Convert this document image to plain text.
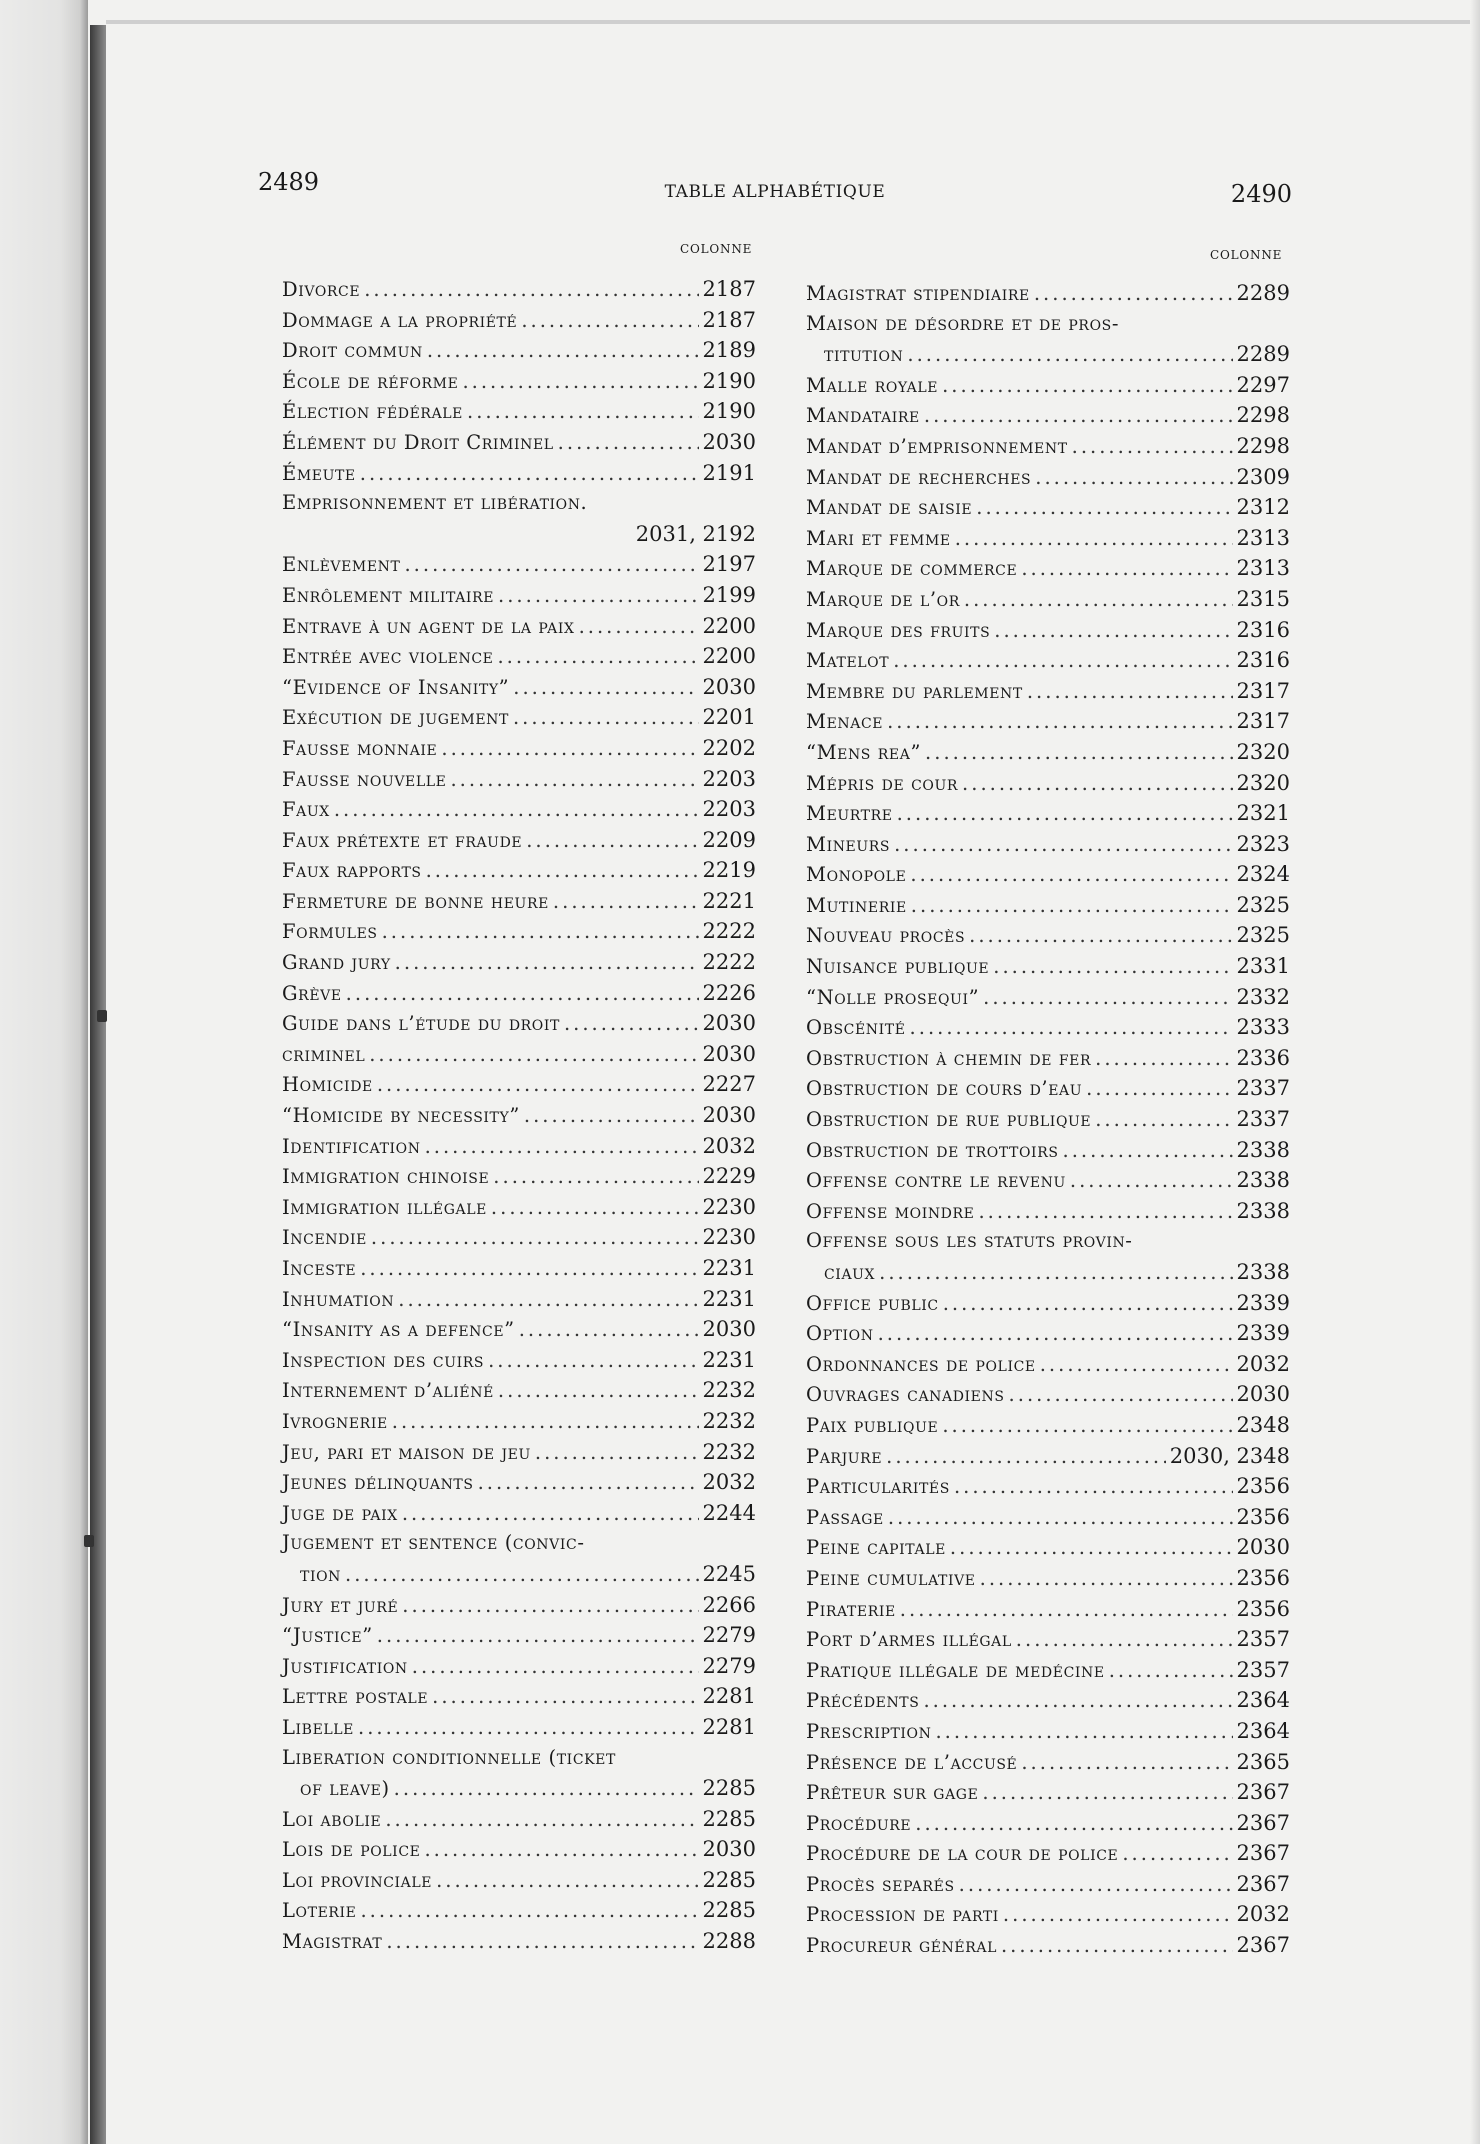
2489	TABLE ALPHABÉTIQUE	2490
COLONNE	COLONNE
Divorce .....	2187
Dommage a la propriété .....	2187
Droit commun .....	2189
École de réforme .....	2190
Élection fédérale .....	2190
Élément du Droit Criminel .....	2030
Émeute .....	2191
Emprisonnement et libération.
2031, 2192
Enlèvement .....	2197
Enrôlement militaire .....	2199
Entrave à un agent de la paix .....	2200
Entrée avec violence .....	2200
“Evidence of Insanity” .....	2030
Exécution de jugement .....	2201
Fausse monnaie .....	2202
Fausse nouvelle .....	2203
Faux .....	2203
Faux prétexte et fraude .....	2209
Faux rapports .....	2219
Fermeture de bonne heure .....	2221
Formules .....	2222
Grand jury .....	2222
Grève .....	2226
Guide dans l’étude du droit .....	2030
criminel .....	2030
Homicide .....	2227
“Homicide by necessity” .....	2030
Identification .....	2032
Immigration chinoise .....	2229
Immigration illégale .....	2230
Incendie .....	2230
Inceste .....	2231
Inhumation .....	2231
“Insanity as a defence” .....	2030
Inspection des cuirs .....	2231
Internement d’aliéné .....	2232
Ivrognerie .....	2232
Jeu, pari et maison de jeu .....	2232
Jeunes délinquants .....	2032
Juge de paix .....	2244
Jugement et sentence (convic-
tion .....	2245
Jury et juré .....	2266
“Justice” .....	2279
Justification .....	2279
Lettre postale .....	2281
Libelle .....	2281
Liberation conditionnelle (ticket
of leave) .....	2285
Loi abolie .....	2285
Lois de police .....	2030
Loi provinciale .....	2285
Loterie .....	2285
Magistrat .....	2288
Magistrat stipendiaire .....	2289
Maison de désordre et de pros-
titution .....	2289
Malle royale .....	2297
Mandataire .....	2298
Mandat d’emprisonnement .....	2298
Mandat de recherches .....	2309
Mandat de saisie .....	2312
Mari et femme .....	2313
Marque de commerce .....	2313
Marque de l’or .....	2315
Marque des fruits .....	2316
Matelot .....	2316
Membre du parlement .....	2317
Menace .....	2317
“Mens rea” .....	2320
Mépris de cour .....	2320
Meurtre .....	2321
Mineurs .....	2323
Monopole .....	2324
Mutinerie .....	2325
Nouveau procès .....	2325
Nuisance publique .....	2331
“Nolle prosequi” .....	2332
Obscénité .....	2333
Obstruction à chemin de fer .....	2336
Obstruction de cours d’eau .....	2337
Obstruction de rue publique .....	2337
Obstruction de trottoirs .....	2338
Offense contre le revenu .....	2338
Offense moindre .....	2338
Offense sous les statuts provin-
ciaux .....	2338
Office public .....	2339
Option .....	2339
Ordonnances de police .....	2032
Ouvrages canadiens .....	2030
Paix publique .....	2348
Parjure .....	2030, 2348
Particularités .....	2356
Passage .....	2356
Peine capitale .....	2030
Peine cumulative .....	2356
Piraterie .....	2356
Port d’armes illégal .....	2357
Pratique illégale de medécine .....	2357
Précédents .....	2364
Prescription .....	2364
Présence de l’accusé .....	2365
Prêteur sur gage .....	2367
Procédure .....	2367
Procédure de la cour de police .....	2367
Procès separés .....	2367
Procession de parti .....	2032
Procureur général .....	2367
